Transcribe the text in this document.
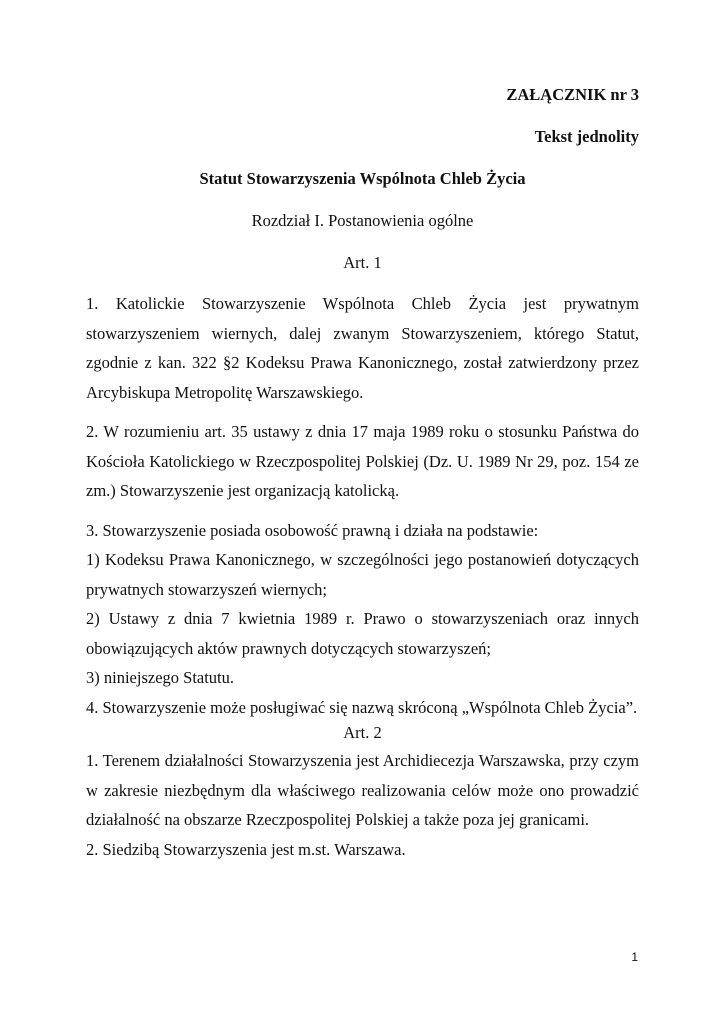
ZAŁĄCZNIK nr 3
Tekst jednolity
Statut Stowarzyszenia Wspólnota Chleb Życia
Rozdział I. Postanowienia ogólne
Art. 1

1. Katolickie Stowarzyszenie Wspólnota Chleb Życia jest prywatnym stowarzyszeniem wiernych, dalej zwanym Stowarzyszeniem, którego Statut, zgodnie z kan. 322 §2 Kodeksu Prawa Kanonicznego, został zatwierdzony przez Arcybiskupa Metropolitę Warszawskiego.

2. W rozumieniu art. 35 ustawy z dnia 17 maja 1989 roku o stosunku Państwa do Kościoła Katolickiego w Rzeczpospolitej Polskiej (Dz. U. 1989 Nr 29, poz. 154 ze zm.) Stowarzyszenie jest organizacją katolicką.

3. Stowarzyszenie posiada osobowość prawną i działa na podstawie:

1) Kodeksu Prawa Kanonicznego, w szczególności jego postanowień dotyczących prywatnych stowarzyszeń wiernych;

2) Ustawy z dnia 7 kwietnia 1989 r. Prawo o stowarzyszeniach oraz innych obowiązujących aktów prawnych dotyczących stowarzyszeń;

3) niniejszego Statutu.

4. Stowarzyszenie może posługiwać się nazwą skróconą „Wspólnota Chleb Życia”.

Art. 2

1. Terenem działalności Stowarzyszenia jest Archidiecezja Warszawska, przy czym w zakresie niezbędnym dla właściwego realizowania celów może ono prowadzić działalność na obszarze Rzeczpospolitej Polskiej a także poza jej granicami.

2. Siedzibą Stowarzyszenia jest m.st. Warszawa.

1
